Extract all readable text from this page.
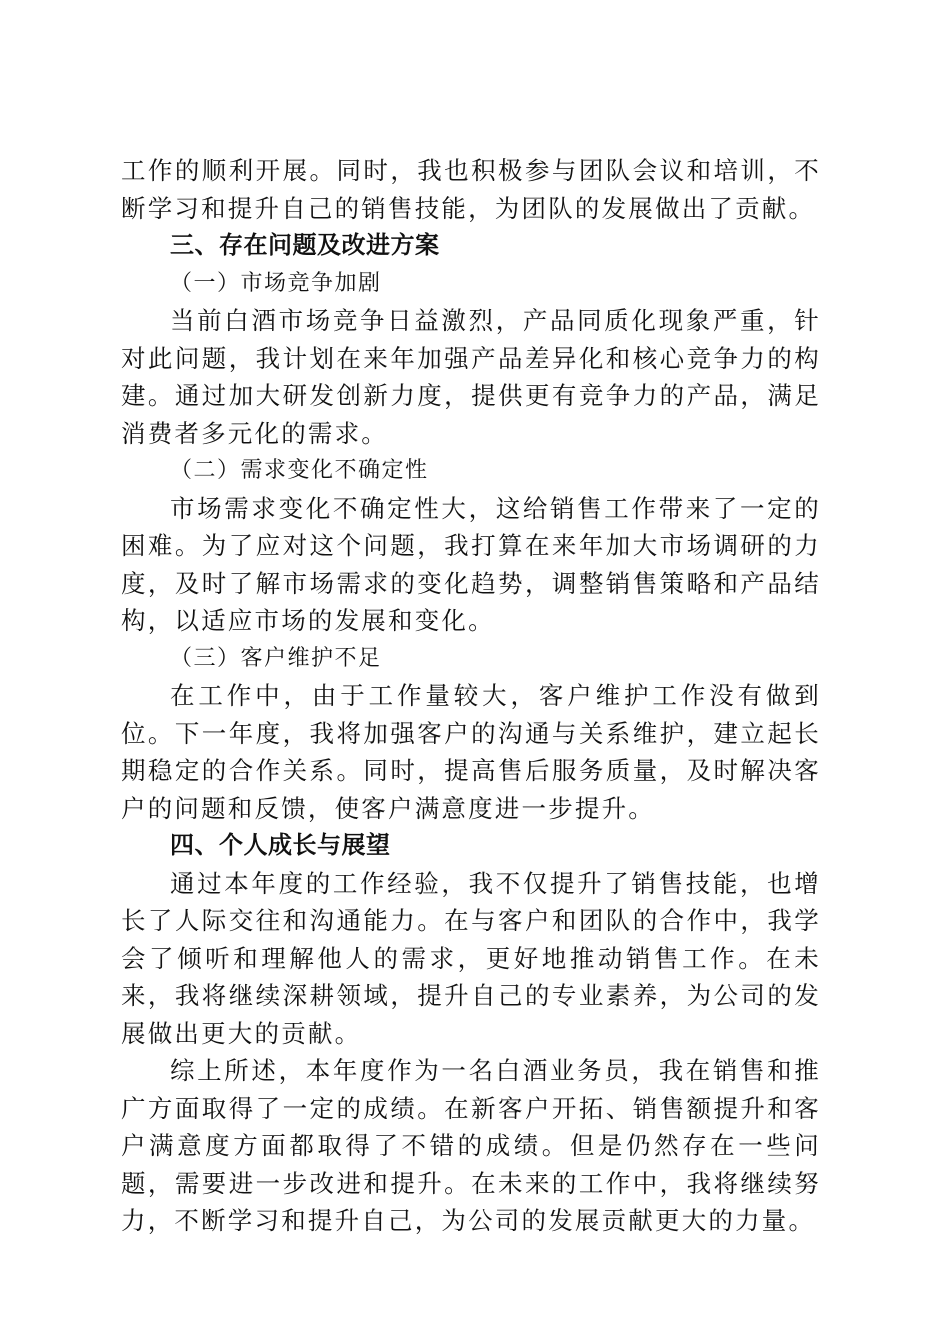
工作的顺利开展。同时，我也积极参与团队会议和培训，不断学习和提升自己的销售技能，为团队的发展做出了贡献。

三、存在问题及改进方案

（一）市场竞争加剧

当前白酒市场竞争日益激烈，产品同质化现象严重，针对此问题，我计划在来年加强产品差异化和核心竞争力的构建。通过加大研发创新力度，提供更有竞争力的产品，满足消费者多元化的需求。

（二）需求变化不确定性

市场需求变化不确定性大，这给销售工作带来了一定的困难。为了应对这个问题，我打算在来年加大市场调研的力度，及时了解市场需求的变化趋势，调整销售策略和产品结构，以适应市场的发展和变化。

（三）客户维护不足

在工作中，由于工作量较大，客户维护工作没有做到位。下一年度，我将加强客户的沟通与关系维护，建立起长期稳定的合作关系。同时，提高售后服务质量，及时解决客户的问题和反馈，使客户满意度进一步提升。

四、个人成长与展望

通过本年度的工作经验，我不仅提升了销售技能，也增长了人际交往和沟通能力。在与客户和团队的合作中，我学会了倾听和理解他人的需求，更好地推动销售工作。在未来，我将继续深耕领域，提升自己的专业素养，为公司的发展做出更大的贡献。

综上所述，本年度作为一名白酒业务员，我在销售和推广方面取得了一定的成绩。在新客户开拓、销售额提升和客户满意度方面都取得了不错的成绩。但是仍然存在一些问题，需要进一步改进和提升。在未来的工作中，我将继续努力，不断学习和提升自己，为公司的发展贡献更大的力量。
